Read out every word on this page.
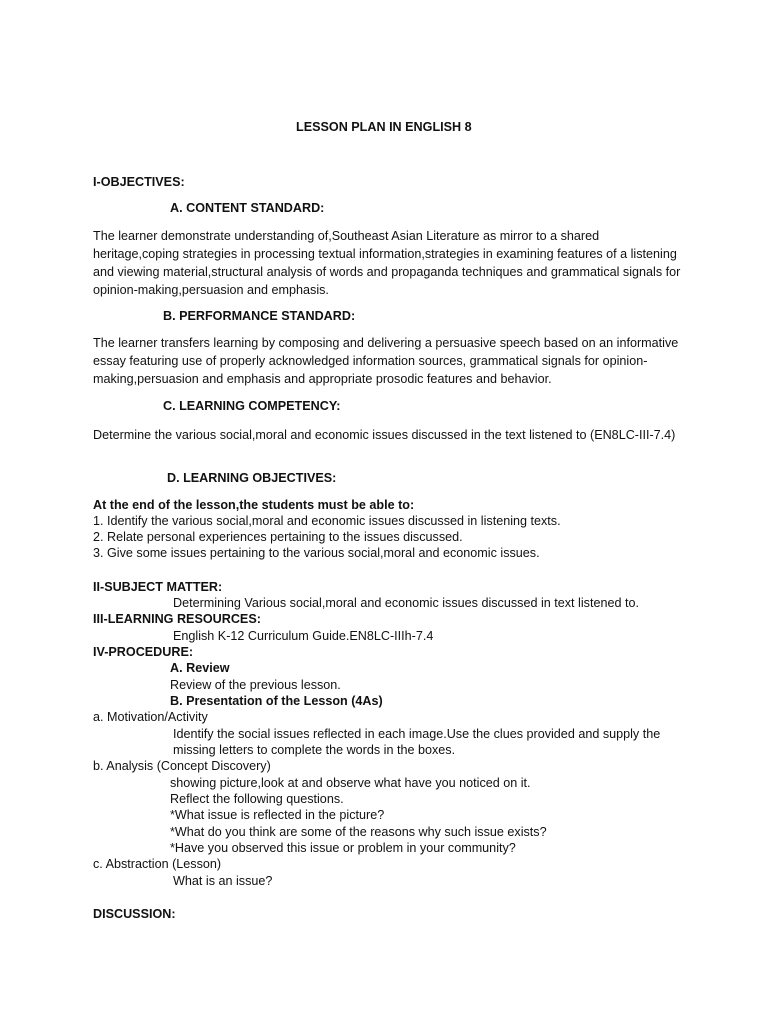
LESSON PLAN IN ENGLISH 8
I-OBJECTIVES:
A. CONTENT STANDARD:
The learner demonstrate understanding of,Southeast Asian Literature as mirror to a shared heritage,coping strategies in processing textual information,strategies in examining features of a listening and viewing material,structural analysis of words and propaganda techniques and grammatical signals for opinion-making,persuasion and emphasis.
B. PERFORMANCE STANDARD:
The learner transfers learning by composing and delivering a persuasive speech based on an informative essay featuring use of properly acknowledged information sources, grammatical signals for opinion-making,persuasion and emphasis and appropriate prosodic features and behavior.
C. LEARNING COMPETENCY:
Determine the various social,moral and economic issues discussed in the text listened to (EN8LC-III-7.4)
D. LEARNING OBJECTIVES:
At the end of the lesson,the students must be able to:
1. Identify the various social,moral and economic issues discussed in listening texts.
2. Relate personal experiences pertaining to the issues discussed.
3. Give some issues pertaining to the various social,moral and economic issues.
II-SUBJECT MATTER:
Determining Various social,moral and economic issues discussed in text listened to.
III-LEARNING RESOURCES:
English K-12 Curriculum Guide.EN8LC-IIIh-7.4
IV-PROCEDURE:
A. Review
Review of the previous lesson.
B. Presentation of the Lesson (4As)
a. Motivation/Activity
Identify the social issues reflected in each image.Use the clues provided and supply the
missing letters to complete the words in the boxes.
b. Analysis (Concept Discovery)
showing picture,look at and observe what have you noticed on it.
Reflect the following questions.
*What issue is reflected in the picture?
*What do you think are some of the reasons why such issue exists?
*Have you observed this issue or problem in your community?
c. Abstraction (Lesson)
What is an issue?
DISCUSSION:
